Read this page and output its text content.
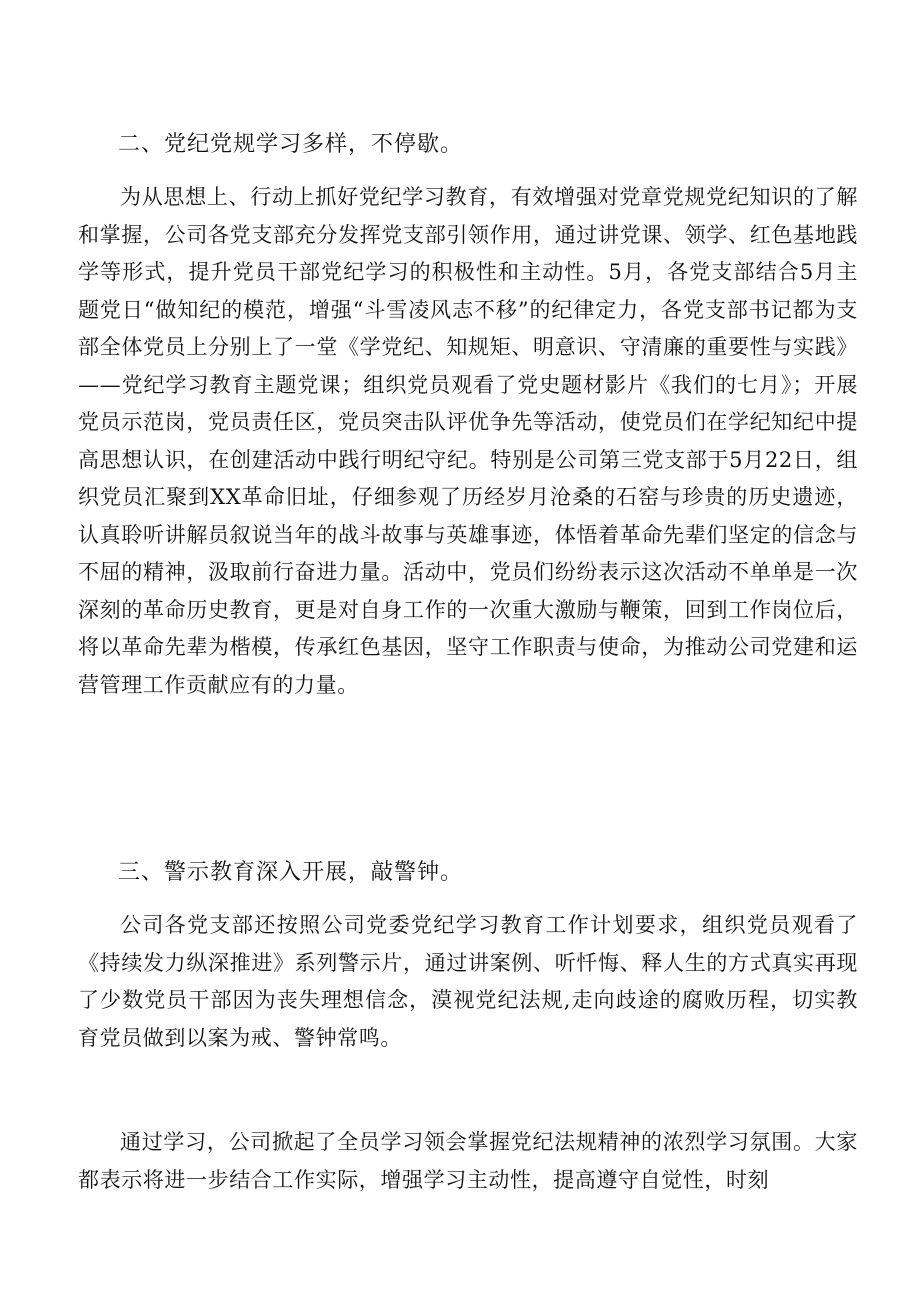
二、党纪党规学习多样，不停歇。

为从思想上、行动上抓好党纪学习教育，有效增强对党章党规党纪知识的了解和掌握，公司各党支部充分发挥党支部引领作用，通过讲党课、领学、红色基地践学等形式，提升党员干部党纪学习的积极性和主动性。5月，各党支部结合5月主题党日“做知纪的模范，增强“斗雪凌风志不移”的纪律定力，各党支部书记都为支部全体党员上分别上了一堂《学党纪、知规矩、明意识、守清廉的重要性与实践》——党纪学习教育主题党课；组织党员观看了党史题材影片《我们的七月》；开展党员示范岗，党员责任区，党员突击队评优争先等活动，使党员们在学纪知纪中提高思想认识，在创建活动中践行明纪守纪。特别是公司第三党支部于5月22日，组织党员汇聚到XX革命旧址，仔细参观了历经岁月沧桑的石窑与珍贵的历史遗迹，认真聆听讲解员叙说当年的战斗故事与英雄事迹，体悟着革命先辈们坚定的信念与不屈的精神，汲取前行奋进力量。活动中，党员们纷纷表示这次活动不单单是一次深刻的革命历史教育，更是对自身工作的一次重大激励与鞭策，回到工作岗位后，将以革命先辈为楷模，传承红色基因，坚守工作职责与使命，为推动公司党建和运营管理工作贡献应有的力量。

三、警示教育深入开展，敲警钟。

公司各党支部还按照公司党委党纪学习教育工作计划要求，组织党员观看了《持续发力纵深推进》系列警示片，通过讲案例、听忏悔、释人生的方式真实再现了少数党员干部因为丧失理想信念，漠视党纪法规,走向歧途的腐败历程，切实教育党员做到以案为戒、警钟常鸣。

通过学习，公司掀起了全员学习领会掌握党纪法规精神的浓烈学习氛围。大家都表示将进一步结合工作实际，增强学习主动性，提高遵守自觉性，时刻
